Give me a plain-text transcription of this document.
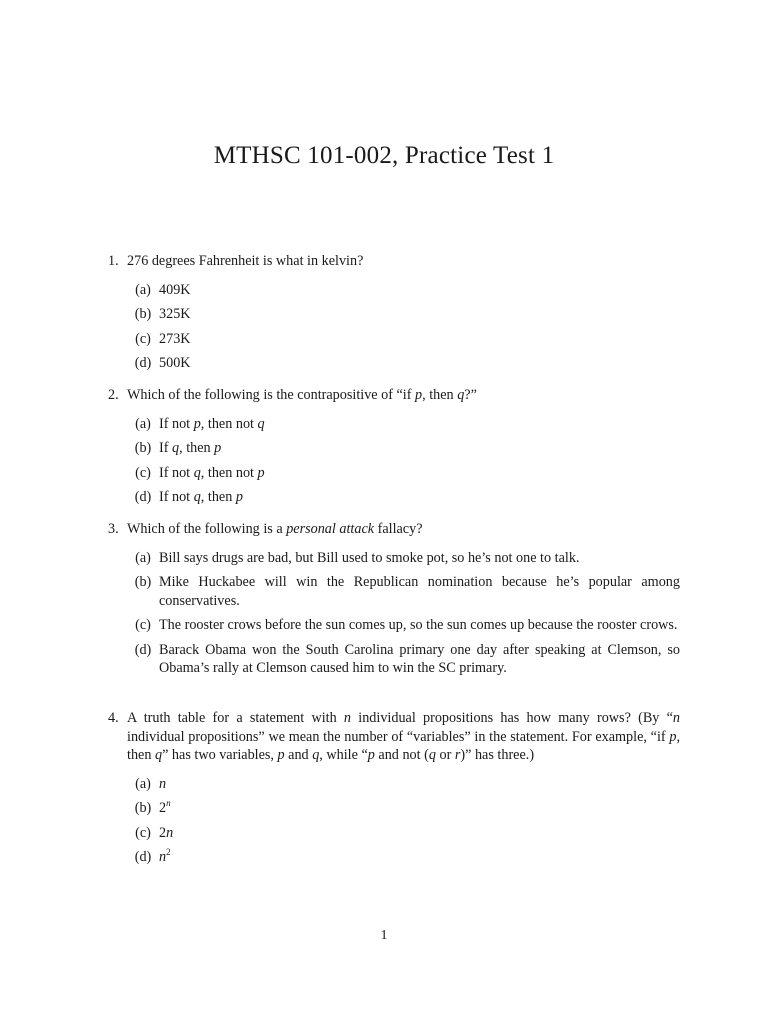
MTHSC 101-002, Practice Test 1
1. 276 degrees Fahrenheit is what in kelvin?
( a ) 409K
( b ) 325K
( c ) 273K
( d ) 500K
2. Which of the following is the contrapositive of “if p, then q?”
( a ) If not p, then not q
( b ) If q, then p
( c ) If not q, then not p
( d ) If not q, then p
3. Which of the following is a personal attack fallacy?
( a ) Bill says drugs are bad, but Bill used to smoke pot, so he’s not one to talk.
( b ) Mike Huckabee will win the Republican nomination because he’s popular among conservatives.
( c ) The rooster crows before the sun comes up, so the sun comes up because the rooster crows.
( d ) Barack Obama won the South Carolina primary one day after speaking at Clemson, so Obama’s rally at Clemson caused him to win the SC primary.
4. A truth table for a statement with n individual propositions has how many rows? (By “n individual propositions” we mean the number of “variables” in the statement. For example, “if p, then q” has two variables, p and q, while “p and not (q or r)” has three.)
( a ) n
( b ) 2$^n$
( c ) 2n
( d ) $n^2$
1
